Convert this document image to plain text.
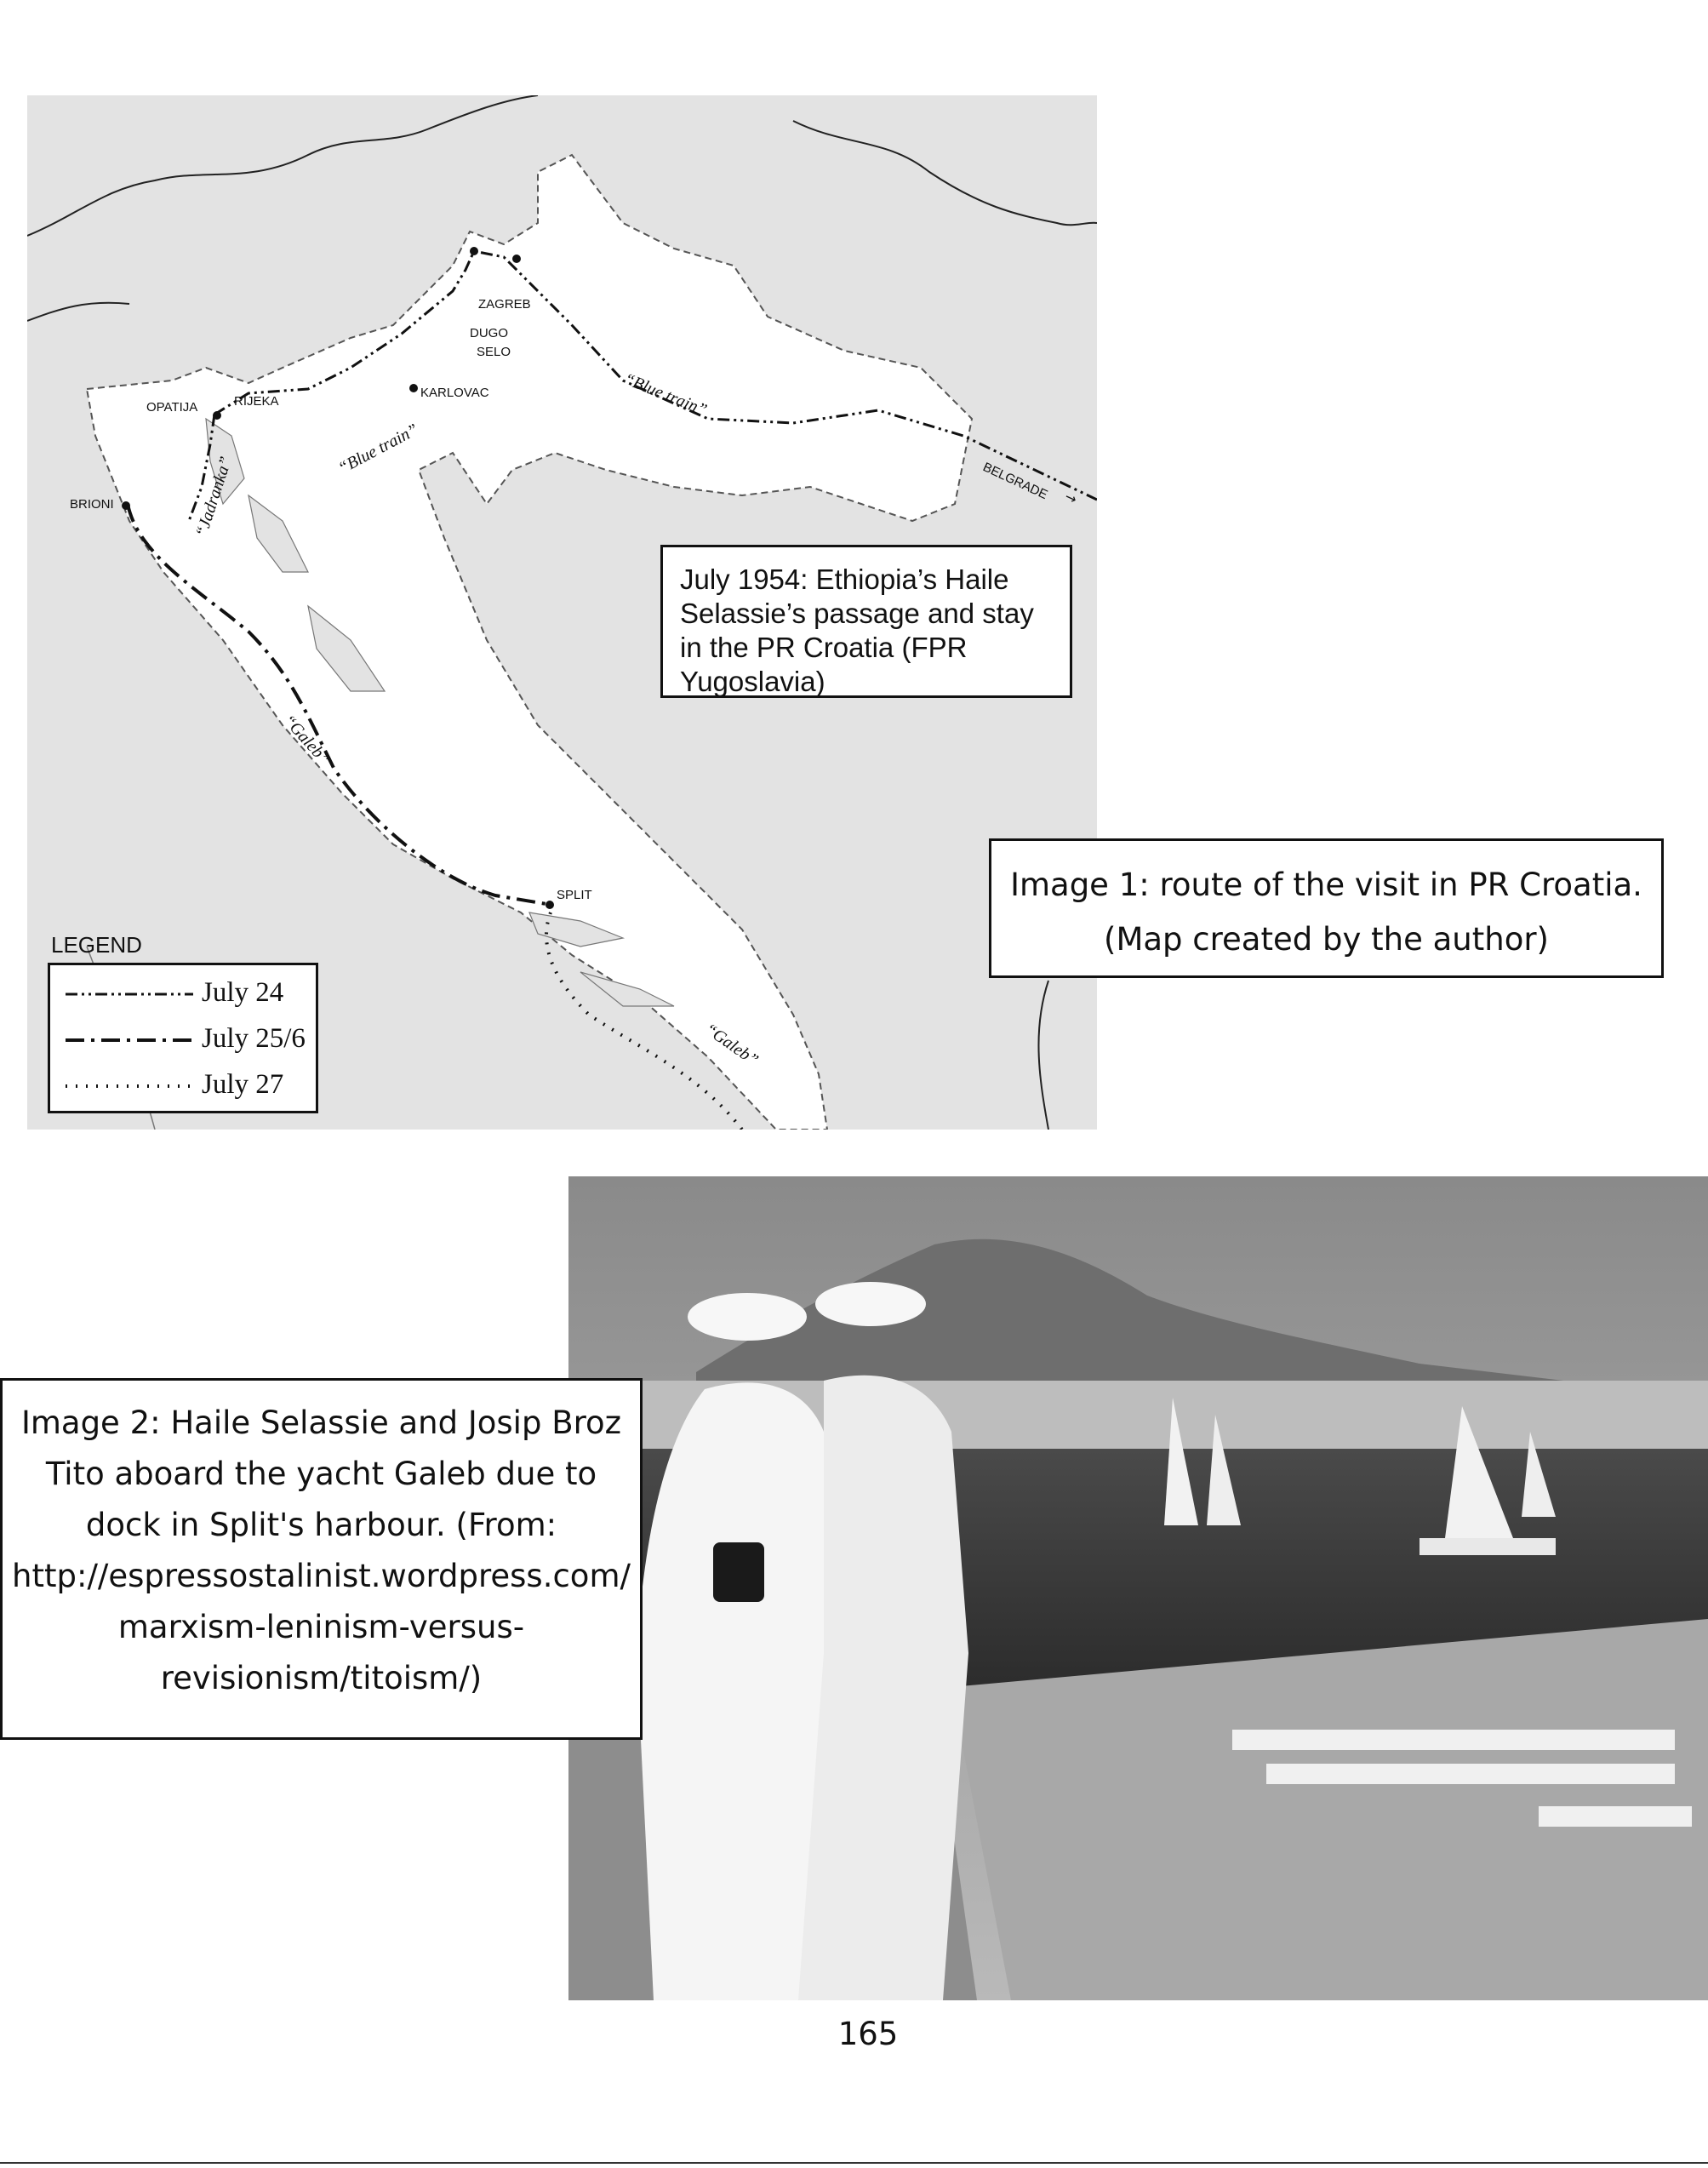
ZAGREB
DUGO
SELO
KARLOVAC
OPATIJA	RIJEKA
BRIONI
SPLIT
BELGRADE →
“Blue train”
“Blue train”
“Jadranka”
“Galeb”
“Galeb”
July 1954: Ethiopia’s Haile Selassie’s passage and stay in the PR Croatia (FPR Yugoslavia)
LEGEND
July 24
July 25/6
July 27
Image 1: route of the visit in PR Croatia. (Map created by the author)
Image 2: Haile Selassie and Josip Broz Tito aboard the yacht Galeb due to dock in Split's harbour. (From: http://espressostalinist.wordpress.com/marxism-leninism-versus-revisionism/titoism/)
165
